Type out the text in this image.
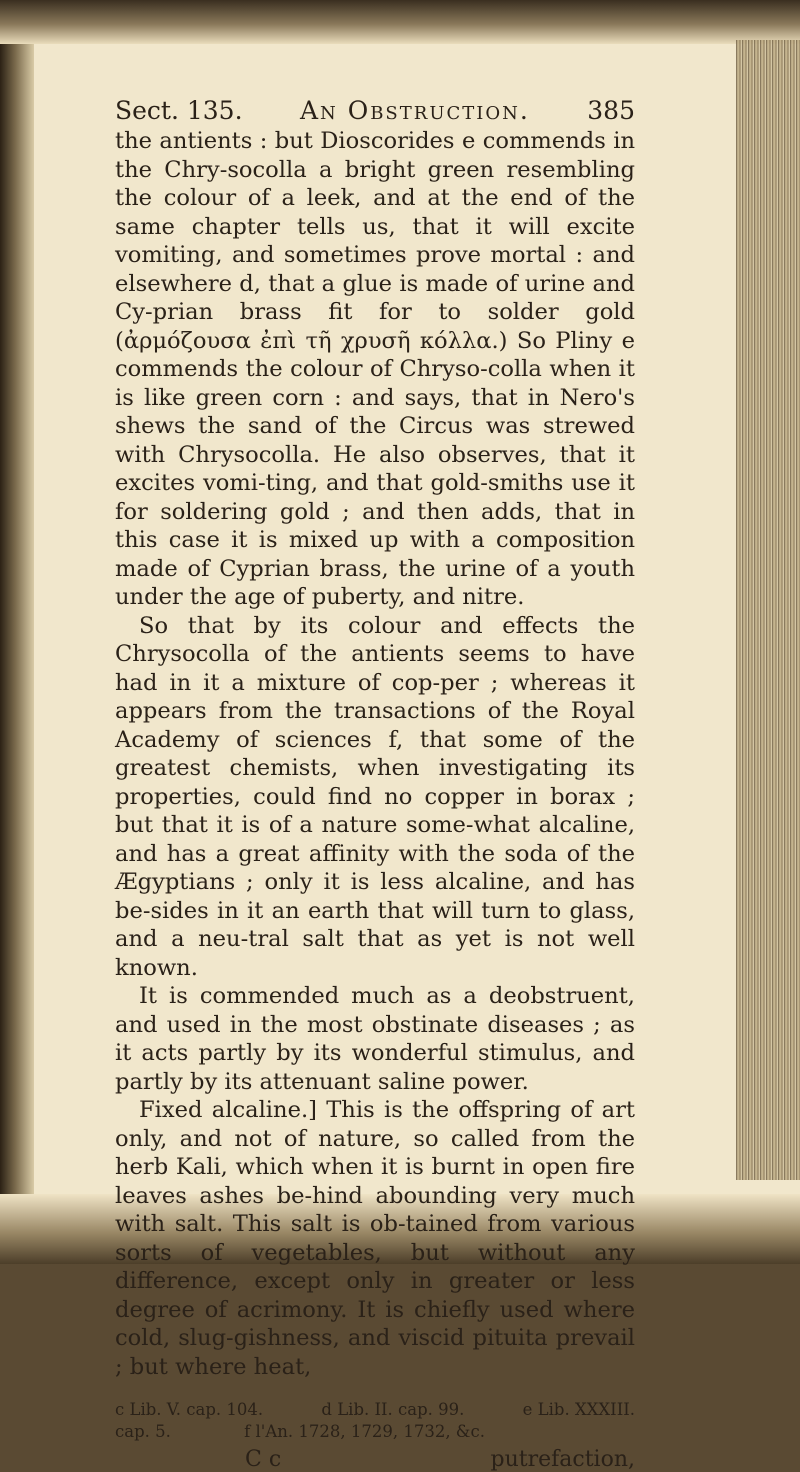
Sect. 135. An Obstruction. 385

the antients : but Dioscorides e commends in the Chry-socolla a bright green resembling the colour of a leek, and at the end of the same chapter tells us, that it will excite vomiting, and sometimes prove mortal : and elsewhere d, that a glue is made of urine and Cy-prian brass fit for to solder gold (ἀρμόζουσα ἐπὶ τῆ χρυσῆ κόλλα.) So Pliny e commends the colour of Chryso-colla when it is like green corn : and says, that in Nero's shews the sand of the Circus was strewed with Chrysocolla. He also observes, that it excites vomi-ting, and that gold-smiths use it for soldering gold ; and then adds, that in this case it is mixed up with a composition made of Cyprian brass, the urine of a youth under the age of puberty, and nitre.

So that by its colour and effects the Chrysocolla of the antients seems to have had in it a mixture of cop-per ; whereas it appears from the transactions of the Royal Academy of sciences f, that some of the greatest chemists, when investigating its properties, could find no copper in borax ; but that it is of a nature some-what alcaline, and has a great affinity with the soda of the Ægyptians ; only it is less alcaline, and has be-sides in it an earth that will turn to glass, and a neu-tral salt that as yet is not well known.

It is commended much as a deobstruent, and used in the most obstinate diseases ; as it acts partly by its wonderful stimulus, and partly by its attenuant saline power.

Fixed alcaline.] This is the offspring of art only, and not of nature, so called from the herb Kali, which when it is burnt in open fire leaves ashes be-hind abounding very much with salt. This salt is ob-tained from various sorts of vegetables, but without any difference, except only in greater or less degree of acrimony. It is chiefly used where cold, slug-gishness, and viscid pituita prevail ; but where heat,

c Lib. V. cap. 104.	d Lib. II. cap. 99.	e Lib. XXXIII.
cap. 5.	f l'An. 1728, 1729, 1732, &c.
C c	putrefaction,
